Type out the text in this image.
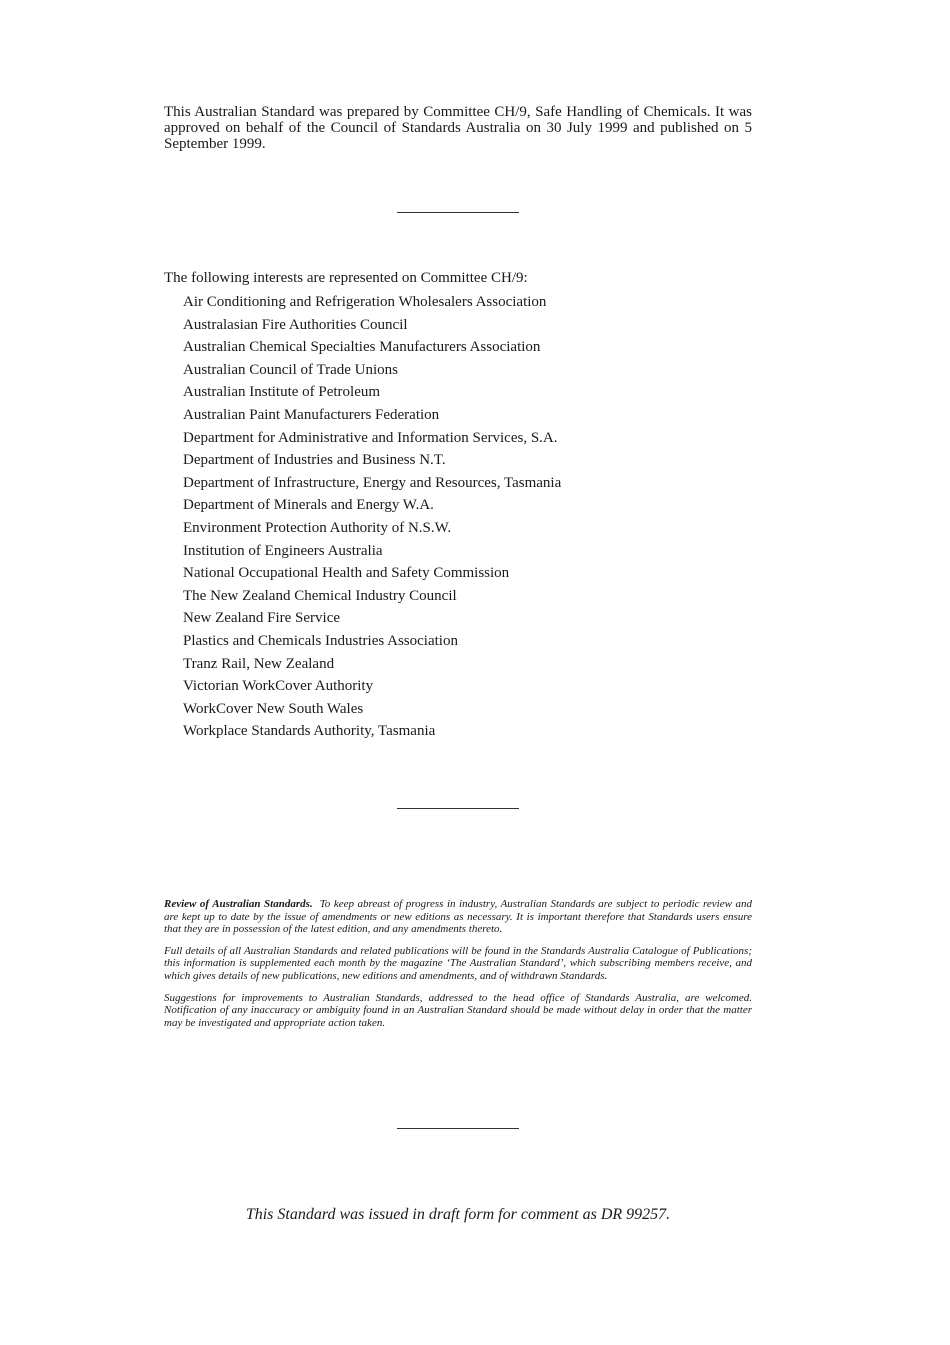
This Australian Standard was prepared by Committee CH/9, Safe Handling of Chemicals. It was approved on behalf of the Council of Standards Australia on 30 July 1999 and published on 5 September 1999.

The following interests are represented on Committee CH/9:

Air Conditioning and Refrigeration Wholesalers Association
Australasian Fire Authorities Council
Australian Chemical Specialties Manufacturers Association
Australian Council of Trade Unions
Australian Institute of Petroleum
Australian Paint Manufacturers Federation
Department for Administrative and Information Services, S.A.
Department of Industries and Business N.T.
Department of Infrastructure, Energy and Resources, Tasmania
Department of Minerals and Energy W.A.
Environment Protection Authority of N.S.W.
Institution of Engineers Australia
National Occupational Health and Safety Commission
The New Zealand Chemical Industry Council
New Zealand Fire Service
Plastics and Chemicals Industries Association
Tranz Rail, New Zealand
Victorian WorkCover Authority
WorkCover New South Wales
Workplace Standards Authority, Tasmania

Review of Australian Standards. To keep abreast of progress in industry, Australian Standards are subject to periodic review and are kept up to date by the issue of amendments or new editions as necessary. It is important therefore that Standards users ensure that they are in possession of the latest edition, and any amendments thereto.

Full details of all Australian Standards and related publications will be found in the Standards Australia Catalogue of Publications; this information is supplemented each month by the magazine ‘The Australian Standard’, which subscribing members receive, and which gives details of new publications, new editions and amendments, and of withdrawn Standards.

Suggestions for improvements to Australian Standards, addressed to the head office of Standards Australia, are welcomed. Notification of any inaccuracy or ambiguity found in an Australian Standard should be made without delay in order that the matter may be investigated and appropriate action taken.

This Standard was issued in draft form for comment as DR 99257.
